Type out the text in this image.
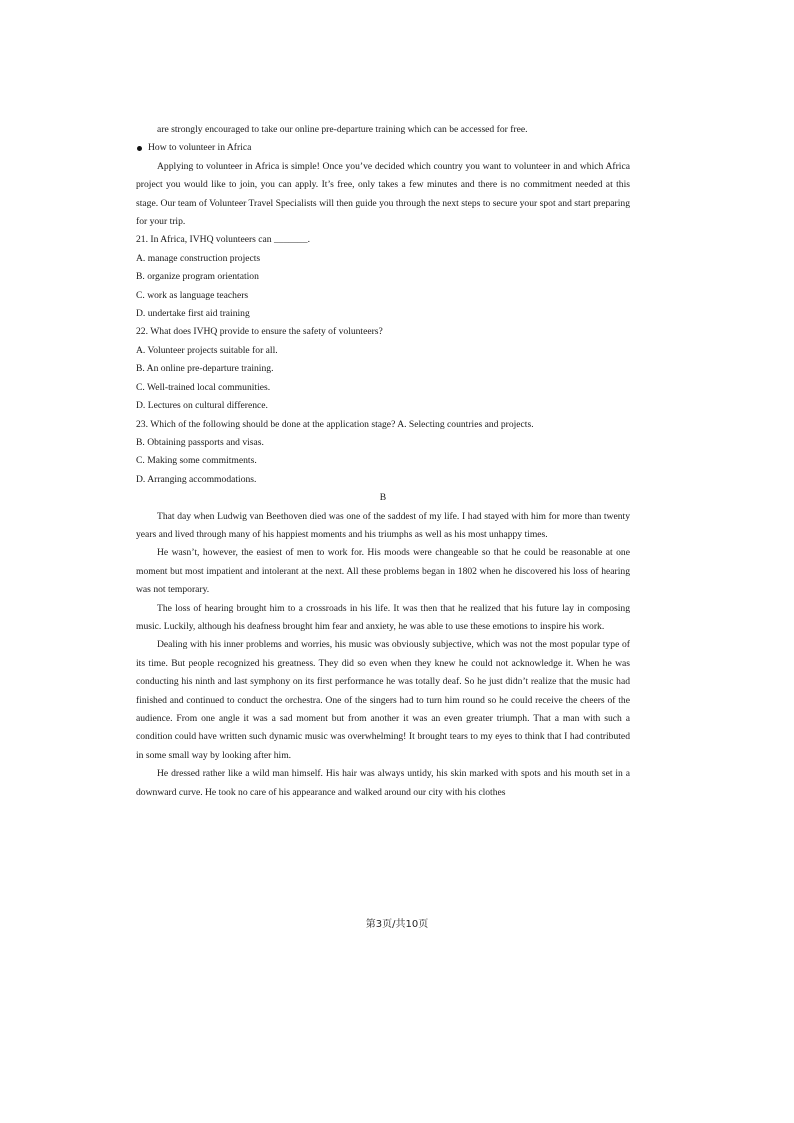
are strongly encouraged to take our online pre-departure training which can be accessed for free.

How to volunteer in Africa

Applying to volunteer in Africa is simple! Once you’ve decided which country you want to volunteer in and which Africa project you would like to join, you can apply. It’s free, only takes a few minutes and there is no commitment needed at this stage. Our team of Volunteer Travel Specialists will then guide you through the next steps to secure your spot and start preparing for your trip.

21. In Africa, IVHQ volunteers can _______.

A. manage construction projects

B. organize program orientation

C. work as language teachers

D. undertake first aid training

22. What does IVHQ provide to ensure the safety of volunteers?

A. Volunteer projects suitable for all.

B. An online pre-departure training.

C. Well-trained local communities.

D. Lectures on cultural difference.

23. Which of the following should be done at the application stage? A. Selecting countries and projects.

B. Obtaining passports and visas.

C. Making some commitments.

D. Arranging accommodations.

B

That day when Ludwig van Beethoven died was one of the saddest of my life. I had stayed with him for more than twenty years and lived through many of his happiest moments and his triumphs as well as his most unhappy times.

He wasn’t, however, the easiest of men to work for. His moods were changeable so that he could be reasonable at one moment but most impatient and intolerant at the next. All these problems began in 1802 when he discovered his loss of hearing was not temporary.

The loss of hearing brought him to a crossroads in his life. It was then that he realized that his future lay in composing music. Luckily, although his deafness brought him fear and anxiety, he was able to use these emotions to inspire his work.

Dealing with his inner problems and worries, his music was obviously subjective, which was not the most popular type of its time. But people recognized his greatness. They did so even when they knew he could not acknowledge it. When he was conducting his ninth and last symphony on its first performance he was totally deaf. So he just didn’t realize that the music had finished and continued to conduct the orchestra. One of the singers had to turn him round so he could receive the cheers of the audience. From one angle it was a sad moment but from another it was an even greater triumph. That a man with such a condition could have written such dynamic music was overwhelming! It brought tears to my eyes to think that I had contributed in some small way by looking after him.

He dressed rather like a wild man himself. His hair was always untidy, his skin marked with spots and his mouth set in a downward curve. He took no care of his appearance and walked around our city with his clothes

第3页/共10页
